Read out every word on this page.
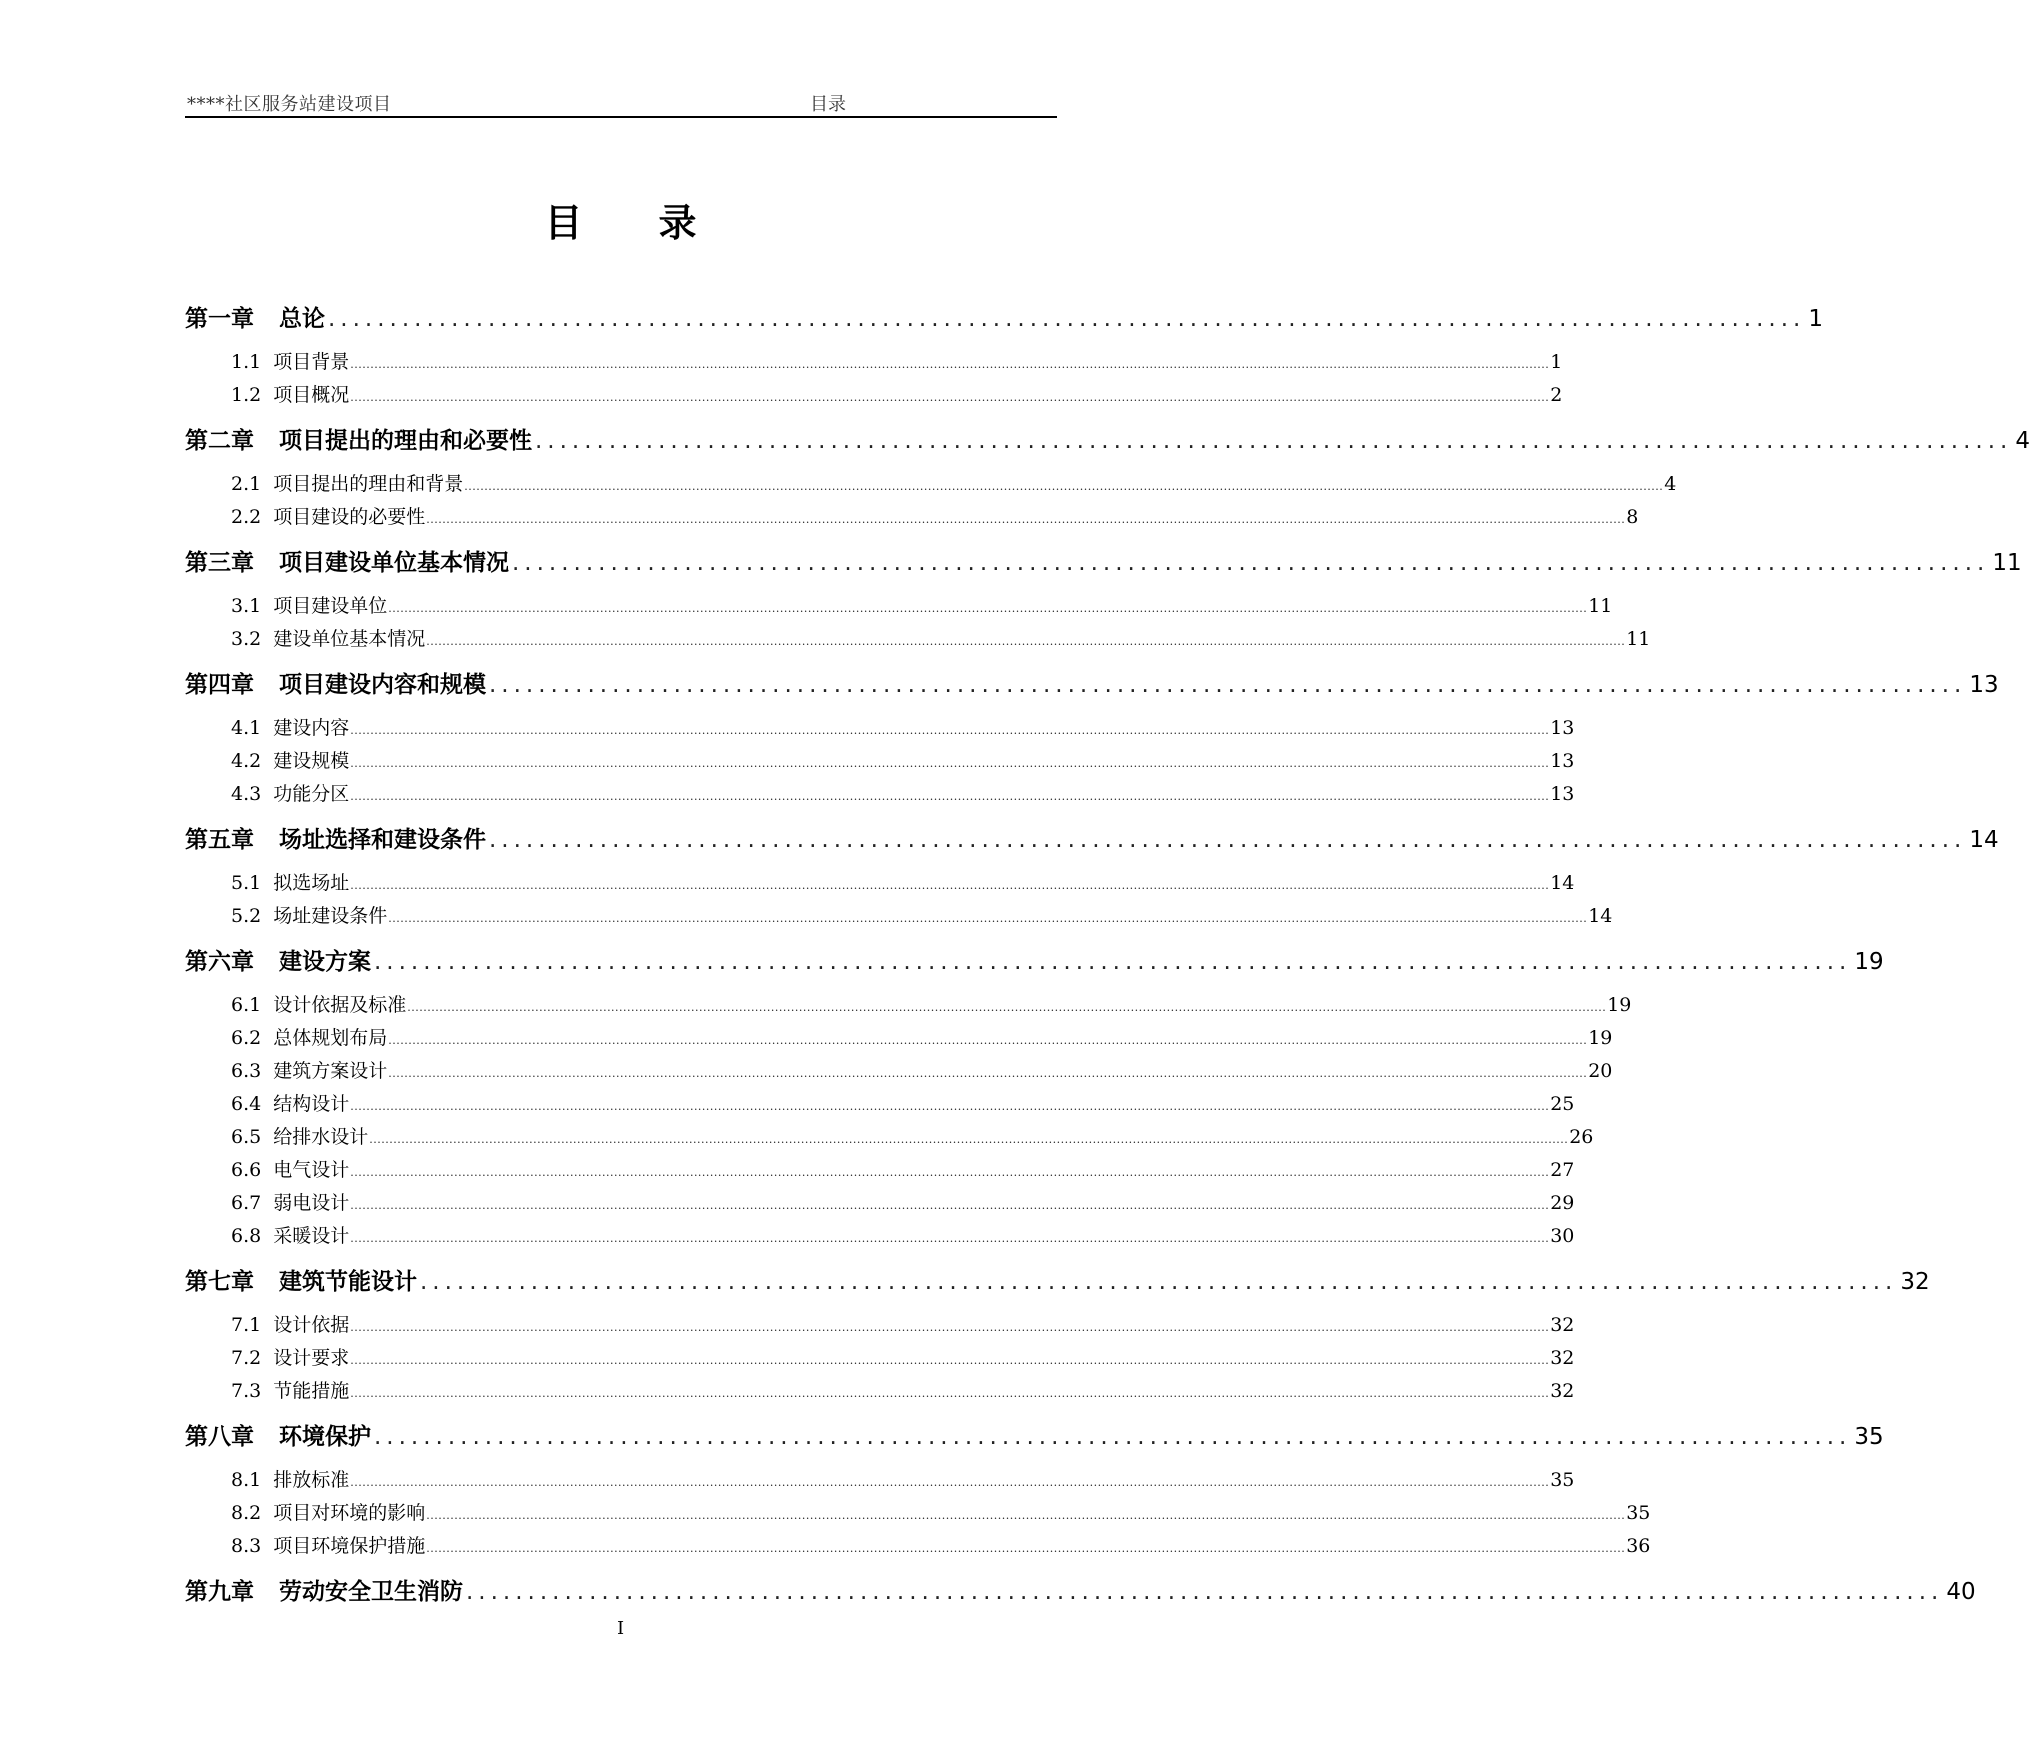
****社区服务站建设项目	目录
目 录
第一章 总论 ........................................................................................................................ 1
1.1 项目背景 ............................................................................................................................................................................................................................................................................................................ 1
1.2 项目概况 ............................................................................................................................................................................................................................................................................................................ 2
第二章 项目提出的理由和必要性 ........................................................................................................................ 4
2.1 项目提出的理由和背景 ............................................................................................................................................................................................................................................................................................................ 4
2.2 项目建设的必要性 ............................................................................................................................................................................................................................................................................................................ 8
第三章 项目建设单位基本情况 ........................................................................................................................ 11
3.1 项目建设单位 ............................................................................................................................................................................................................................................................................................................ 11
3.2 建设单位基本情况 ............................................................................................................................................................................................................................................................................................................ 11
第四章 项目建设内容和规模 ........................................................................................................................ 13
4.1 建设内容 ............................................................................................................................................................................................................................................................................................................ 13
4.2 建设规模 ............................................................................................................................................................................................................................................................................................................ 13
4.3 功能分区 ............................................................................................................................................................................................................................................................................................................ 13
第五章 场址选择和建设条件 ........................................................................................................................ 14
5.1 拟选场址 ............................................................................................................................................................................................................................................................................................................ 14
5.2 场址建设条件 ............................................................................................................................................................................................................................................................................................................ 14
第六章 建设方案 ........................................................................................................................ 19
6.1 设计依据及标准 ............................................................................................................................................................................................................................................................................................................ 19
6.2 总体规划布局 ............................................................................................................................................................................................................................................................................................................ 19
6.3 建筑方案设计 ............................................................................................................................................................................................................................................................................................................ 20
6.4 结构设计 ............................................................................................................................................................................................................................................................................................................ 25
6.5 给排水设计 ............................................................................................................................................................................................................................................................................................................ 26
6.6 电气设计 ............................................................................................................................................................................................................................................................................................................ 27
6.7 弱电设计 ............................................................................................................................................................................................................................................................................................................ 29
6.8 采暖设计 ............................................................................................................................................................................................................................................................................................................ 30
第七章 建筑节能设计 ........................................................................................................................ 32
7.1 设计依据 ............................................................................................................................................................................................................................................................................................................ 32
7.2 设计要求 ............................................................................................................................................................................................................................................................................................................ 32
7.3 节能措施 ............................................................................................................................................................................................................................................................................................................ 32
第八章 环境保护 ........................................................................................................................ 35
8.1 排放标准 ............................................................................................................................................................................................................................................................................................................ 35
8.2 项目对环境的影响 ............................................................................................................................................................................................................................................................................................................ 35
8.3 项目环境保护措施 ............................................................................................................................................................................................................................................................................................................ 36
第九章 劳动安全卫生消防 ........................................................................................................................ 40
I
